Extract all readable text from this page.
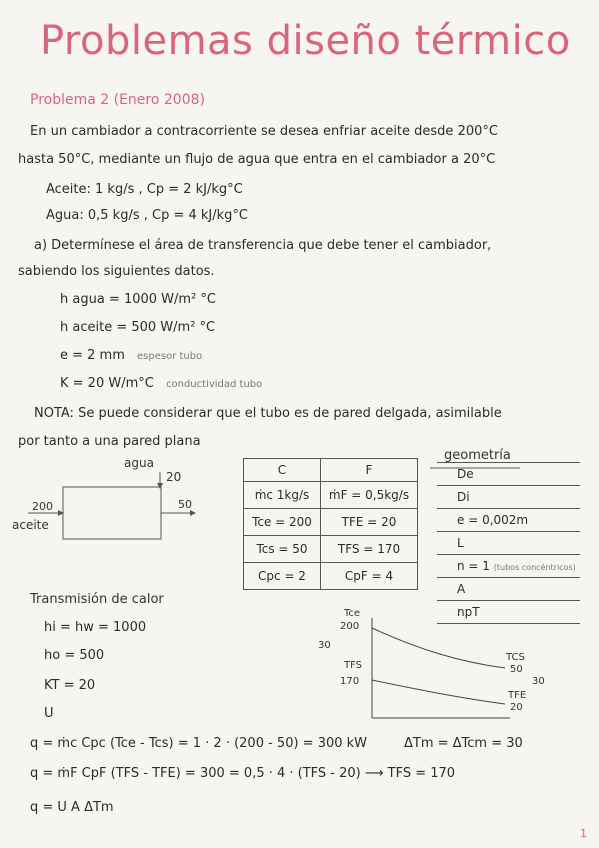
Problemas diseño térmico
Problema 2 (Enero 2008)
En un cambiador a contracorriente se desea enfriar aceite desde 200°C
hasta 50°C, mediante un flujo de agua que entra en el cambiador a 20°C
Aceite: 1 kg/s , Cp = 2 kJ/kg°C
Agua: 0,5 kg/s , Cp = 4 kJ/kg°C
a) Determínese el área de transferencia que debe tener el cambiador,
sabiendo los siguientes datos.
h agua = 1000 W/m² °C
h aceite = 500 W/m² °C
e = 2 mm espesor tubo
K = 20 W/m°C conductividad tubo
NOTA: Se puede considerar que el tubo es de pared delgada, asimilable
por tanto a una pared plana
agua
20
200
aceite
50
C	F
ṁc 1kg/s	ṁF = 0,5kg/s
Tce = 200	TFE = 20
Tcs = 50	TFS = 170
Cpc = 2	CpF = 4
geometría
De
Di
e = 0,002m
L
n = 1 (tubos concéntricos)
A
npT
Transmisión de calor
hi = hw = 1000
ho = 500
KT = 20
U
Tce
200
30
TFS
170
TCS
50
30
TFE
20
ΔTm = ΔTcm = 30
q = ṁc Cpc (Tce - Tcs) = 1 · 2 · (200 - 50) = 300 kW
q = ṁF CpF (TFS - TFE) = 300 = 0,5 · 4 · (TFS - 20) ⟶ TFS = 170
q = U A ΔTm
1
